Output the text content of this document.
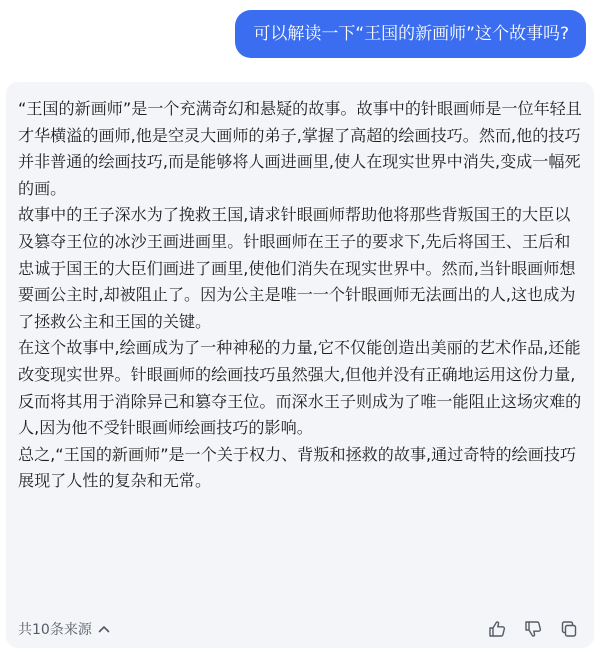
可以解读一下“王国的新画师”这个故事吗?

“王国的新画师”是一个充满奇幻和悬疑的故事。故事中的针眼画师是一位年轻且才华横溢的画师,他是空灵大画师的弟子,掌握了高超的绘画技巧。然而,他的技巧并非普通的绘画技巧,而是能够将人画进画里,使人在现实世界中消失,变成一幅死的画。

故事中的王子深水为了挽救王国,请求针眼画师帮助他将那些背叛国王的大臣以及篡夺王位的冰沙王画进画里。针眼画师在王子的要求下,先后将国王、王后和忠诚于国王的大臣们画进了画里,使他们消失在现实世界中。然而,当针眼画师想要画公主时,却被阻止了。因为公主是唯一一个针眼画师无法画出的人,这也成为了拯救公主和王国的关键。

在这个故事中,绘画成为了一种神秘的力量,它不仅能创造出美丽的艺术作品,还能改变现实世界。针眼画师的绘画技巧虽然强大,但他并没有正确地运用这份力量,反而将其用于消除异己和篡夺王位。而深水王子则成为了唯一能阻止这场灾难的人,因为他不受针眼画师绘画技巧的影响。

总之,“王国的新画师”是一个关于权力、背叛和拯救的故事,通过奇特的绘画技巧展现了人性的复杂和无常。

共10条来源
